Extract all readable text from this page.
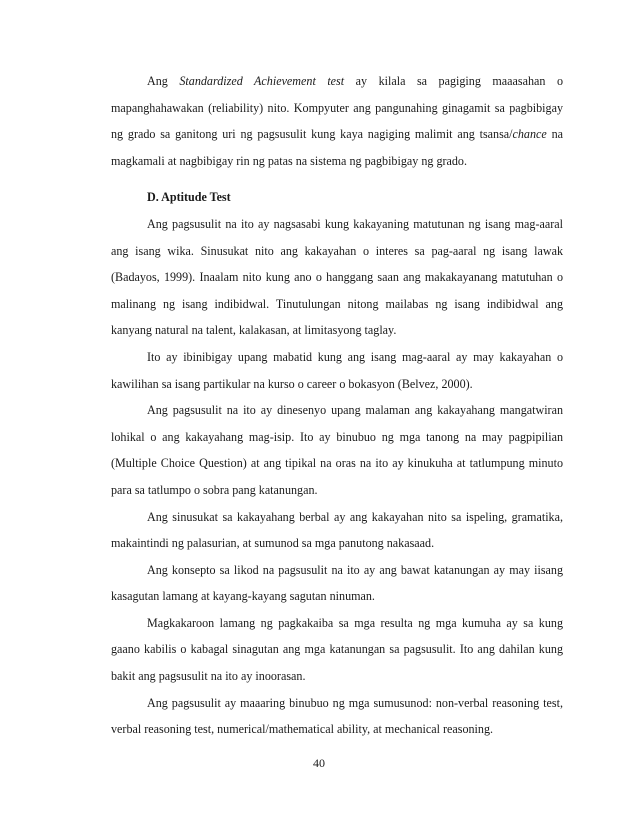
Ang Standardized Achievement test ay kilala sa pagiging maaasahan o mapanghahawakan (reliability) nito. Kompyuter ang pangunahing ginagamit sa pagbibigay ng grado sa ganitong uri ng pagsusulit kung kaya nagiging malimit ang tsansa/chance na magkamali at nagbibigay rin ng patas na sistema ng pagbibigay ng grado.

D. Aptitude Test

Ang pagsusulit na ito ay nagsasabi kung kakayaning matutunan ng isang mag-aaral ang isang wika. Sinusukat nito ang kakayahan o interes sa pag-aaral ng isang lawak (Badayos, 1999). Inaalam nito kung ano o hanggang saan ang makakayanang matutuhan o malinang ng isang indibidwal. Tinutulungan nitong mailabas ng isang indibidwal ang kanyang natural na talent, kalakasan, at limitasyong taglay.

Ito ay ibinibigay upang mabatid kung ang isang mag-aaral ay may kakayahan o kawilihan sa isang partikular na kurso o career o bokasyon (Belvez, 2000).

Ang pagsusulit na ito ay dinesenyo upang malaman ang kakayahang mangatwiran lohikal o ang kakayahang mag-isip. Ito ay binubuo ng mga tanong na may pagpipilian (Multiple Choice Question) at ang tipikal na oras na ito ay kinukuha at tatlumpung minuto para sa tatlumpo o sobra pang katanungan.

Ang sinusukat sa kakayahang berbal ay ang kakayahan nito sa ispeling, gramatika, makaintindi ng palasurian, at sumunod sa mga panutong nakasaad.

Ang konsepto sa likod na pagsusulit na ito ay ang bawat katanungan ay may iisang kasagutan lamang at kayang-kayang sagutan ninuman.

Magkakaroon lamang ng pagkakaiba sa mga resulta ng mga kumuha ay sa kung gaano kabilis o kabagal sinagutan ang mga katanungan sa pagsusulit. Ito ang dahilan kung bakit ang pagsusulit na ito ay inoorasan.

Ang pagsusulit ay maaaring binubuo ng mga sumusunod: non-verbal reasoning test, verbal reasoning test, numerical/mathematical ability, at mechanical reasoning.

40
